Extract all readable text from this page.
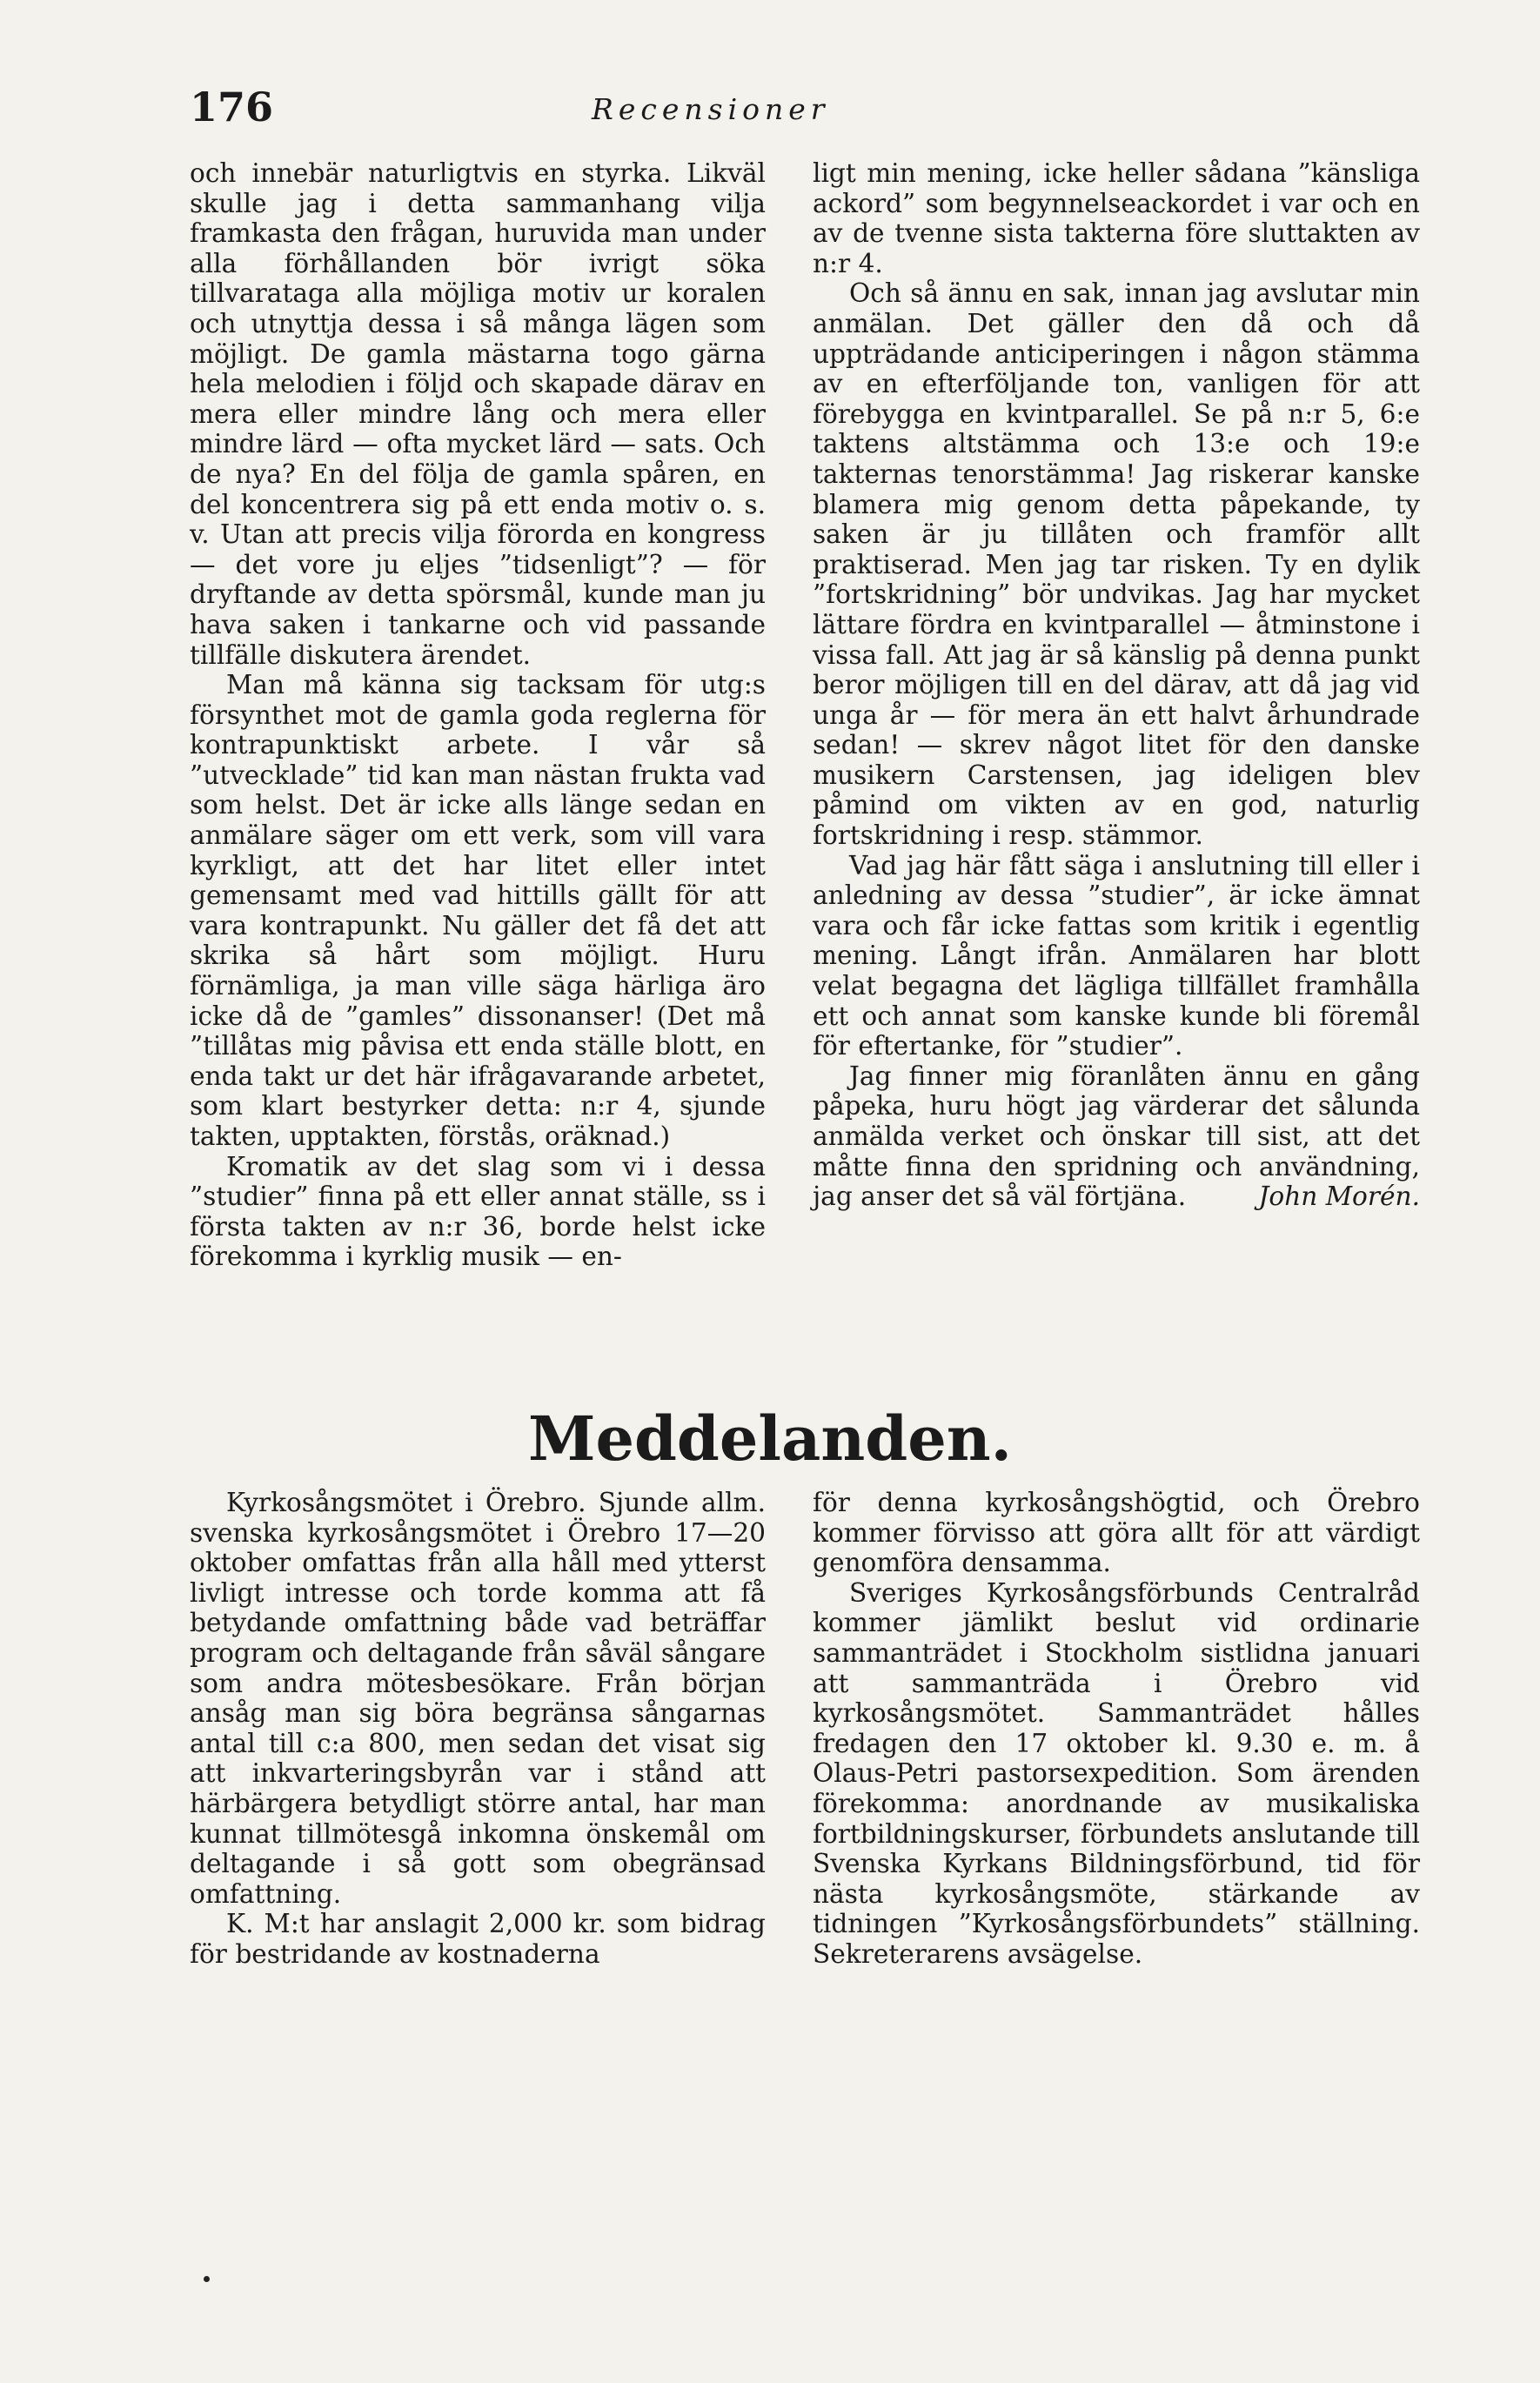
176	Recensioner

och innebär naturligtvis en styrka. Likväl skulle jag i detta sammanhang vilja framkasta den frågan, huruvida man under alla förhållanden bör ivrigt söka tillvaratаga alla möjliga motiv ur koralen och utnyttja dessa i så många lägen som möjligt. De gamla mästarna togo gärna hela melodien i följd och skapade därav en mera eller mindre lång och mera eller mindre lärd — ofta mycket lärd — sats. Och de nya? En del följa de gamla spåren, en del koncentrera sig på ett enda motiv o. s. v. Utan att precis vilja förorda en kongress — det vore ju eljes ”tidsenligt”? — för dryftande av detta spörsmål, kunde man ju hava saken i tankarne och vid passande tillfälle diskutera ärendet.

Man må känna sig tacksam för utg:s försynthet mot de gamla goda reglerna för kontrapunktiskt arbete. I vår så ”utvecklade” tid kan man nästan frukta vad som helst. Det är icke alls länge sedan en anmälare säger om ett verk, som vill vara kyrkligt, att det har litet eller intet gemensamt med vad hittills gällt för att vara kontrapunkt. Nu gäller det få det att skrika så hårt som möjligt. Huru förnämliga, ja man ville säga härliga äro icke då de ”gamles” dissonanser! (Det må ”tillåtas mig påvisa ett enda ställe blott, en enda takt ur det här ifrågavarande arbetet, som klart bestyrker detta: n:r 4, sjunde takten, upptakten, förstås, oräknad.)

Kromatik av det slag som vi i dessa ”studier” finna på ett eller annat ställe, ss i första takten av n:r 36, borde helst icke förekomma i kyrklig musik — en-

ligt min mening, icke heller sådana ”känsliga ackord” som begynnelseackordet i var och en av de tvenne sista takterna före sluttakten av n:r 4.

Och så ännu en sak, innan jag avslutar min anmälan. Det gäller den då och då uppträdande anticiperingen i någon stämma av en efterföljande ton, vanligen för att förebygga en kvintparallel. Se på n:r 5, 6:e taktens altstämma och 13:e och 19:e takternas tenorstämma! Jag riskerar kanske blamera mig genom detta påpekande, ty saken är ju tillåten och framför allt praktiserad. Men jag tar risken. Ty en dylik ”fortskridning” bör undvikas. Jag har mycket lättare fördra en kvintparallel — åtminstone i vissa fall. Att jag är så känslig på denna punkt beror möjligen till en del därav, att då jag vid unga år — för mera än ett halvt århundrade sedan! — skrev något litet för den danske musikern Carstensen, jag ideligen blev påmind om vikten av en god, naturlig fortskridning i resp. stämmor.

Vad jag här fått säga i anslutning till eller i anledning av dessa ”studier”, är icke ämnat vara och får icke fattas som kritik i egentlig mening. Långt ifrån. Anmälaren har blott velat begagna det lägliga tillfället framhålla ett och annat som kanske kunde bli föremål för eftertanke, för ”studier”.

Jag finner mig föranlåten ännu en gång påpeka, huru högt jag värderar det sålunda anmälda verket och önskar till sist, att det måtte finna den spridning och användning, jag anser det så väl förtjäna.	John Morén.

Meddelanden.

Kyrkosångsmötet i Örebro. Sjunde allm. svenska kyrkosångsmötet i Örebro 17—20 oktober omfattas från alla håll med ytterst livligt intresse och torde komma att få betydande omfattning både vad beträffar program och deltagande från såväl sångare som andra mötesbesökare. Från början ansåg man sig böra begränsa sångarnas antal till c:a 800, men sedan det visat sig att inkvarteringsbyrån var i stånd att härbärgera betydligt större antal, har man kunnat tillmötesgå inkomna önskemål om deltagande i så gott som obegränsad omfattning.

K. M:t har anslagit 2,000 kr. som bidrag för bestridande av kostnaderna

för denna kyrkosångshögtid, och Örebro kommer förvisso att göra allt för att värdigt genomföra densamma.

Sveriges Kyrkosångsförbunds Centralråd kommer jämlikt beslut vid ordinarie sammanträdet i Stockholm sistlidna januari att sammanträda i Örebro vid kyrkosångsmötet. Sammanträdet hålles fredagen den 17 oktober kl. 9.30 e. m. å Olaus-Petri pastorsexpedition. Som ärenden förekomma: anordnande av musikaliska fortbildningskurser, förbundets anslutande till Svenska Kyrkans Bildningsförbund, tid för nästa kyrkosångsmöte, stärkande av tidningen ”Kyrkosångsförbundets” ställning. Sekreterarens avsägelse.
